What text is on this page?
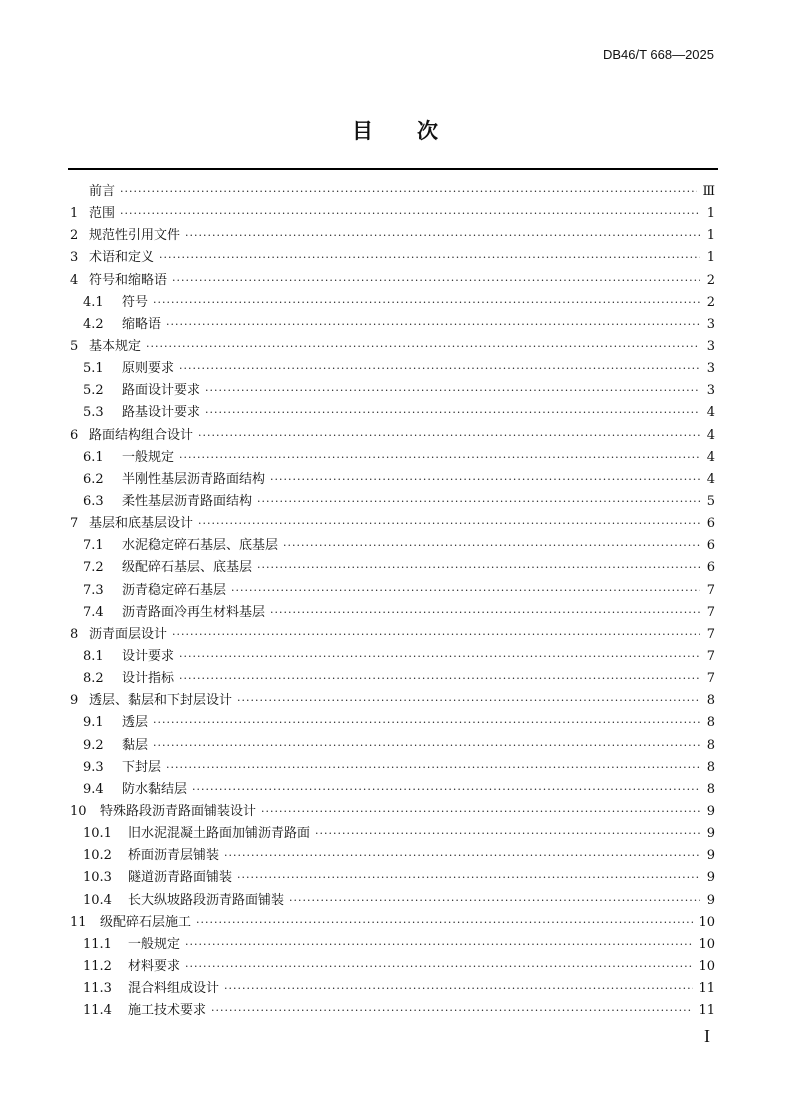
DB46/T 668—2025
目 次
前言 ·····	Ⅲ
1 范围 ·····	1
2 规范性引用文件 ·····	1
3 术语和定义 ·····	1
4 符号和缩略语 ·····	2
4.1	符号 ·····	2
4.2	缩略语 ·····	3
5 基本规定 ·····	3
5.1	原则要求 ·····	3
5.2	路面设计要求 ·····	3
5.3	路基设计要求 ·····	4
6 路面结构组合设计 ·····	4
6.1	一般规定 ·····	4
6.2	半刚性基层沥青路面结构 ·····	4
6.3	柔性基层沥青路面结构 ·····	5
7 基层和底基层设计 ·····	6
7.1	水泥稳定碎石基层、底基层 ·····	6
7.2	级配碎石基层、底基层 ·····	6
7.3	沥青稳定碎石基层 ·····	7
7.4	沥青路面冷再生材料基层 ·····	7
8 沥青面层设计 ·····	7
8.1	设计要求 ·····	7
8.2	设计指标 ·····	7
9 透层、黏层和下封层设计 ·····	8
9.1	透层 ·····	8
9.2	黏层 ·····	8
9.3	下封层 ·····	8
9.4	防水黏结层 ·····	8
10	特殊路段沥青路面铺装设计 ·····	9
10.1	旧水泥混凝土路面加铺沥青路面 ·····	9
10.2	桥面沥青层铺装 ·····	9
10.3	隧道沥青路面铺装 ·····	9
10.4	长大纵坡路段沥青路面铺装 ·····	9
11	级配碎石层施工 ·····	10
11.1	一般规定 ·····	10
11.2	材料要求 ·····	10
11.3	混合料组成设计 ·····	11
11.4	施工技术要求 ·····	11
I
